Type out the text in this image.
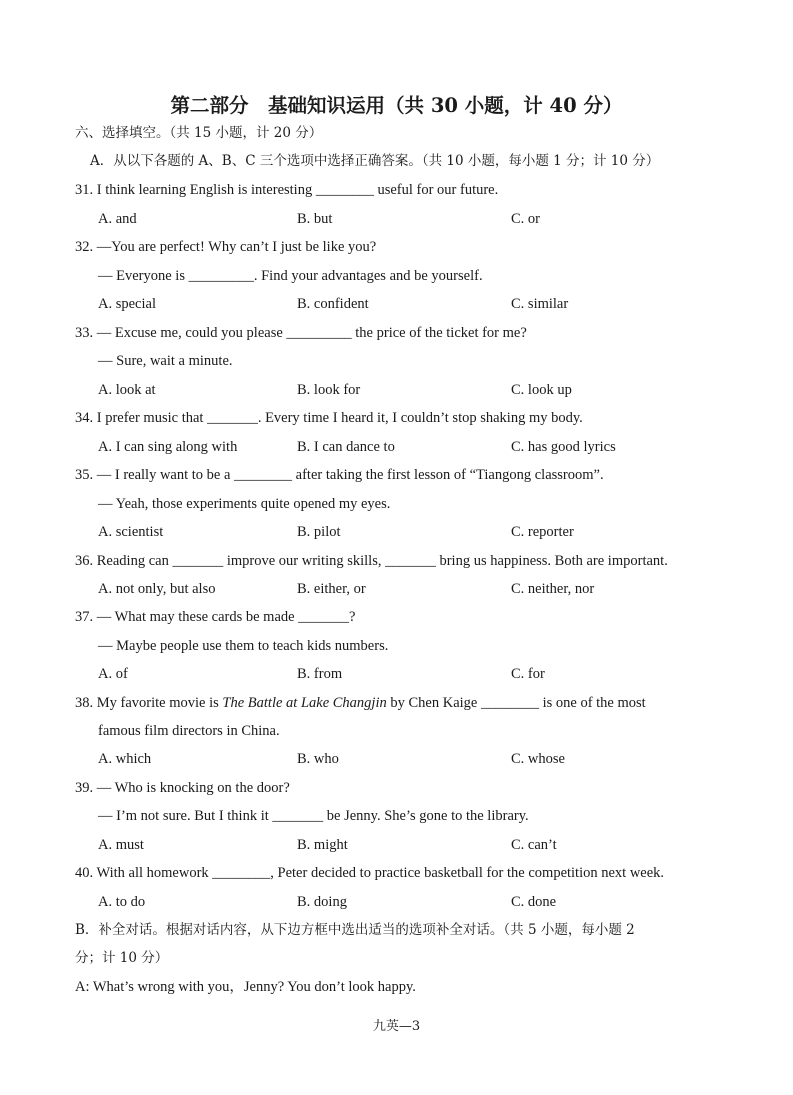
第二部分　基础知识运用（共 30 小题，计 40 分）
六、选择填空。（共 15 小题，计 20 分）
A．从以下各题的 A、B、C 三个选项中选择正确答案。（共 10 小题，每小题 1 分；计 10 分）
31. I think learning English is interesting ________ useful for our future.
A. and	B. but	C. or
32. —You are perfect! Why can’t I just be like you?
— Everyone is _________. Find your advantages and be yourself.
A. special	B. confident	C. similar
33. — Excuse me, could you please _________ the price of the ticket for me?
— Sure, wait a minute.
A. look at	B. look for	C. look up
34. I prefer music that _______. Every time I heard it, I couldn’t stop shaking my body.
A. I can sing along with	B. I can dance to	C. has good lyrics
35. — I really want to be a ________ after taking the first lesson of “Tiangong classroom”.
— Yeah, those experiments quite opened my eyes.
A. scientist	B. pilot	C. reporter
36. Reading can _______ improve our writing skills, _______ bring us happiness. Both are important.
A. not only, but also	B. either, or	C. neither, nor
37. — What may these cards be made _______?
— Maybe people use them to teach kids numbers.
A. of	B. from	C. for
38. My favorite movie is The Battle at Lake Changjin by Chen Kaige ________ is one of the most
famous film directors in China.
A. which	B. who	C. whose
39. — Who is knocking on the door?
— I’m not sure. But I think it _______ be Jenny. She’s gone to the library.
A. must	B. might	C. can’t
40. With all homework ________, Peter decided to practice basketball for the competition next week.
A. to do	B. doing	C. done
B．补全对话。根据对话内容，从下边方框中选出适当的选项补全对话。（共 5 小题，每小题 2
分；计 10 分）
A: What’s wrong with you，Jenny? You don’t look happy.
九英—3
